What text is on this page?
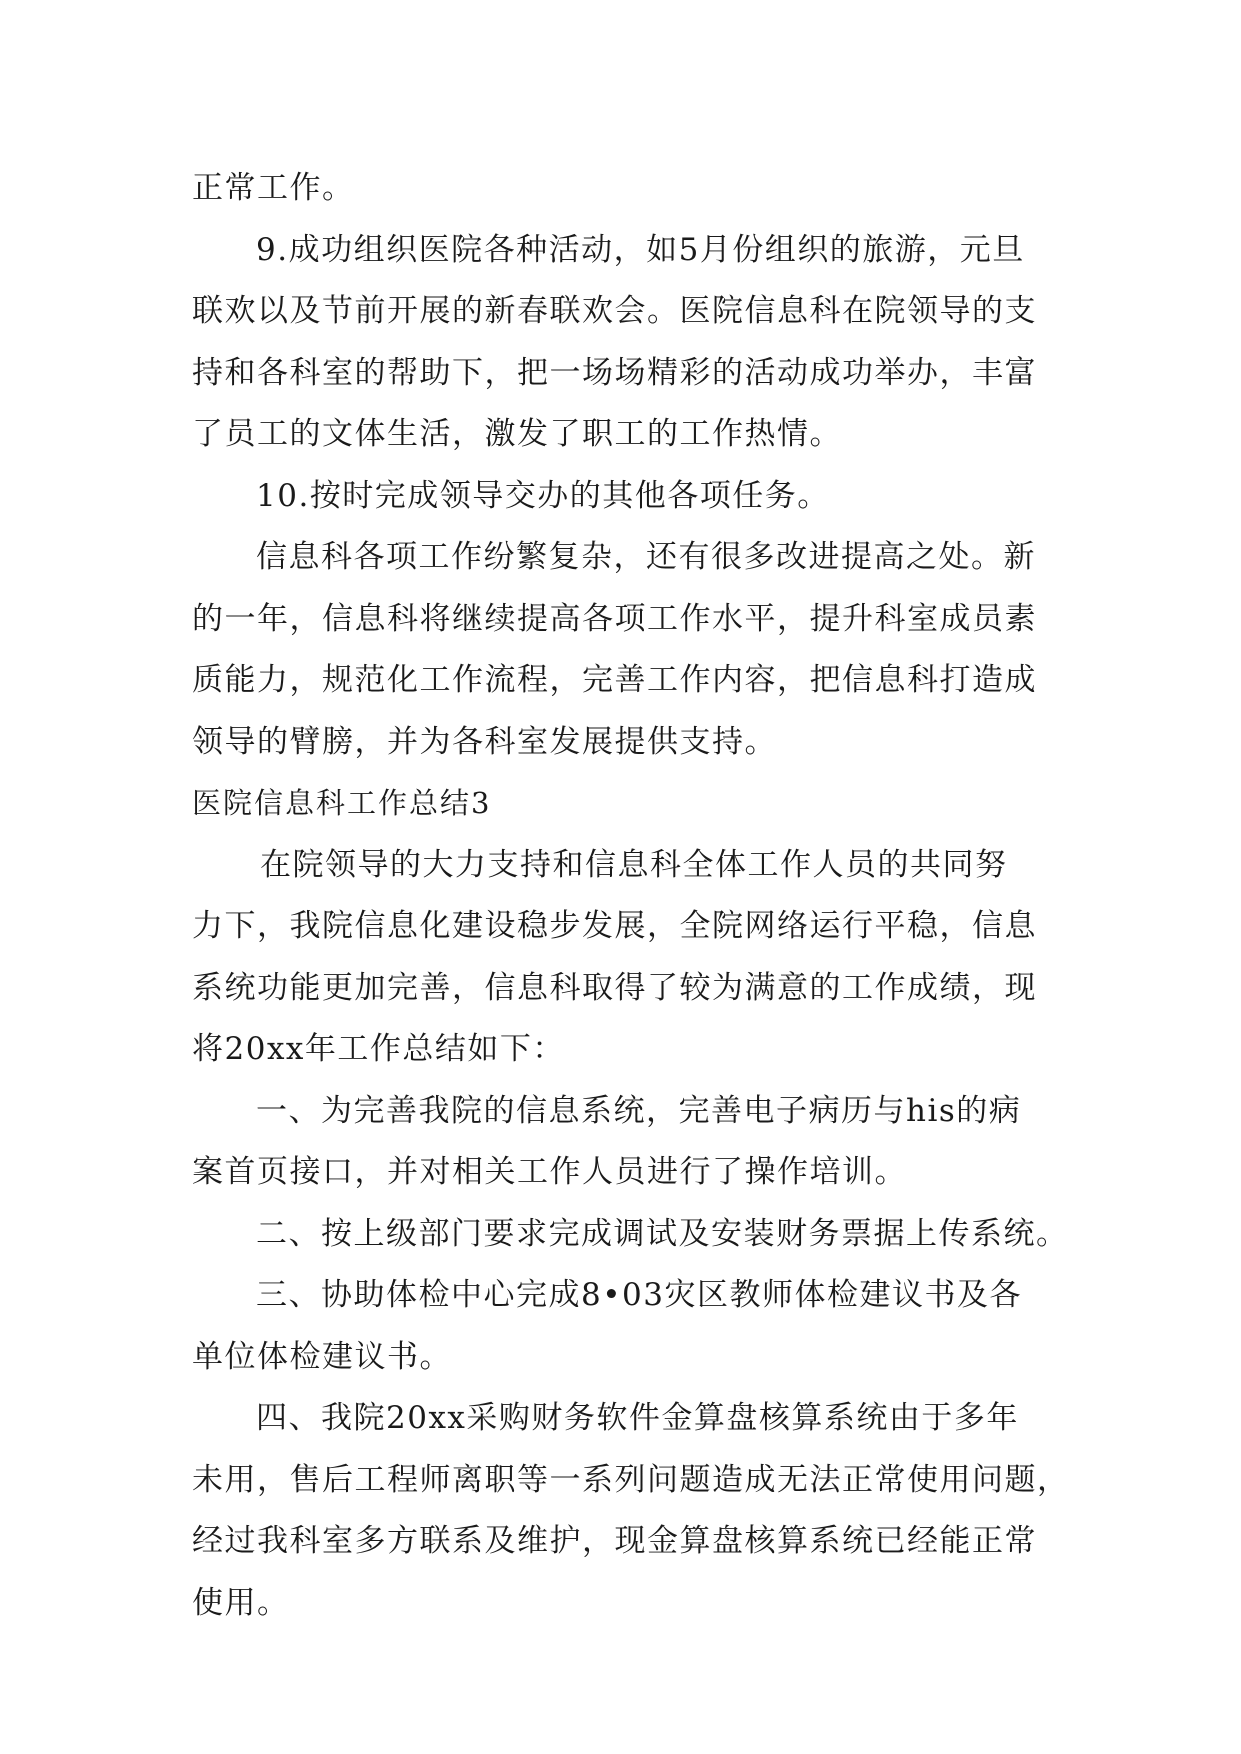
正常工作。

9.成功组织医院各种活动，如5月份组织的旅游，元旦

联欢以及节前开展的新春联欢会。医院信息科在院领导的支

持和各科室的帮助下，把一场场精彩的活动成功举办，丰富

了员工的文体生活，激发了职工的工作热情。

10.按时完成领导交办的其他各项任务。

信息科各项工作纷繁复杂，还有很多改进提高之处。新

的一年，信息科将继续提高各项工作水平，提升科室成员素

质能力，规范化工作流程，完善工作内容，把信息科打造成

领导的臂膀，并为各科室发展提供支持。

医院信息科工作总结3

在院领导的大力支持和信息科全体工作人员的共同努

力下，我院信息化建设稳步发展，全院网络运行平稳，信息

系统功能更加完善，信息科取得了较为满意的工作成绩，现

将20xx年工作总结如下：

一、为完善我院的信息系统，完善电子病历与his的病

案首页接口，并对相关工作人员进行了操作培训。

二、按上级部门要求完成调试及安装财务票据上传系统。

三、协助体检中心完成8•03灾区教师体检建议书及各

单位体检建议书。

四、我院20xx采购财务软件金算盘核算系统由于多年

未用，售后工程师离职等一系列问题造成无法正常使用问题，

经过我科室多方联系及维护，现金算盘核算系统已经能正常

使用。
